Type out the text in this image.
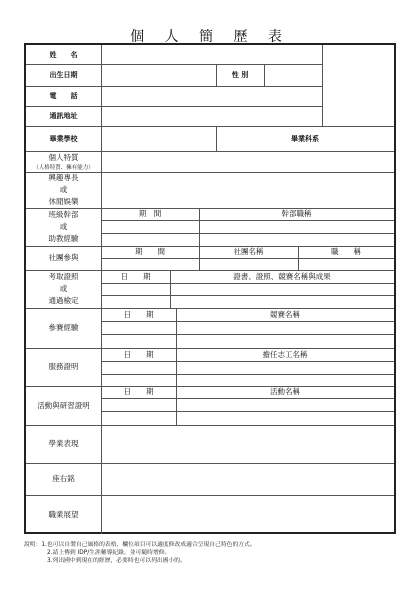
個 人 簡 歷 表
姓　　名
出生日期	性 別
電　　話
通訊地址
畢業學校	畢業科系
個人特質
（人格特質、擁有能力）
興趣專長
或
休閒娛樂
班級幹部
或
助教經驗
期　間	幹部職稱
社團參與
期　　間	社團名稱	職　　稱
考取證照
或
通過檢定
日　　期	證書、證照、競賽名稱與成果
參賽經驗
日　　期	競賽名稱
服務證明
日　　期	擔任志工名稱
活動與研習證明
日　　期	活動名稱
學業表現
座右銘
職業展望
說明： 1.也可以自製自己風格的表格，欄位項目可以適度修改成適合呈現自己特色的方式。
2.請上傳到 IDP/生涯輔導紀錄，並可隨時增修。
3.列出國中到現在的經歷，必要時也可以列出國小的。
